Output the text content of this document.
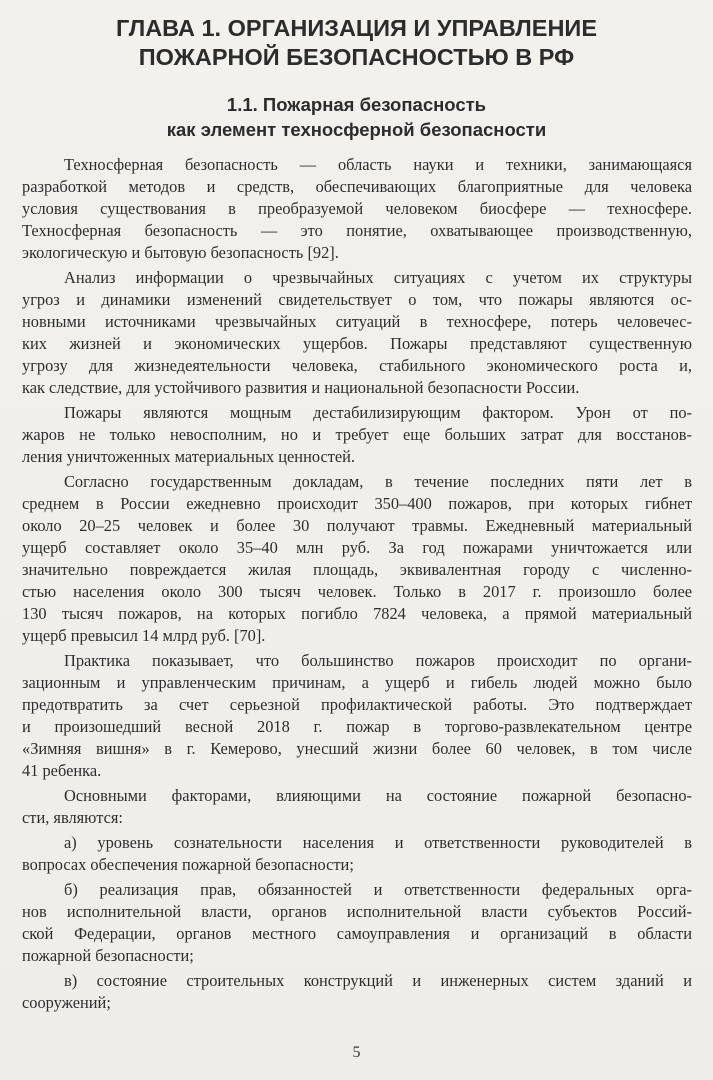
ГЛАВА 1. ОРГАНИЗАЦИЯ И УПРАВЛЕНИЕ
ПОЖАРНОЙ БЕЗОПАСНОСТЬЮ В РФ
1.1. Пожарная безопасность
как элемент техносферной безопасности
Техносферная безопасность — область науки и техники, занимающаяся
разработкой методов и средств, обеспечивающих благоприятные для человека
условия существования в преобразуемой человеком биосфере — техносфере.
Техносферная безопасность — это понятие, охватывающее производственную,
экологическую и бытовую безопасность [92].
Анализ информации о чрезвычайных ситуациях с учетом их структуры
угроз и динамики изменений свидетельствует о том, что пожары являются ос-
новными источниками чрезвычайных ситуаций в техносфере, потерь человечес-
ких жизней и экономических ущербов. Пожары представляют существенную
угрозу для жизнедеятельности человека, стабильного экономического роста и,
как следствие, для устойчивого развития и национальной безопасности России.
Пожары являются мощным дестабилизирующим фактором. Урон от по-
жаров не только невосполним, но и требует еще больших затрат для восстанов-
ления уничтоженных материальных ценностей.
Согласно государственным докладам, в течение последних пяти лет в
среднем в России ежедневно происходит 350–400 пожаров, при которых гибнет
около 20–25 человек и более 30 получают травмы. Ежедневный материальный
ущерб составляет около 35–40 млн руб. За год пожарами уничтожается или
значительно повреждается жилая площадь, эквивалентная городу с численно-
стью населения около 300 тысяч человек. Только в 2017 г. произошло более
130 тысяч пожаров, на которых погибло 7824 человека, а прямой материальный
ущерб превысил 14 млрд руб. [70].
Практика показывает, что большинство пожаров происходит по органи-
зационным и управленческим причинам, а ущерб и гибель людей можно было
предотвратить за счет серьезной профилактической работы. Это подтверждает
и произошедший весной 2018 г. пожар в торгово-развлекательном центре
«Зимняя вишня» в г. Кемерово, унесший жизни более 60 человек, в том числе
41 ребенка.
Основными факторами, влияющими на состояние пожарной безопасно-
сти, являются:
а) уровень сознательности населения и ответственности руководителей в
вопросах обеспечения пожарной безопасности;
б) реализация прав, обязанностей и ответственности федеральных орга-
нов исполнительной власти, органов исполнительной власти субъектов Россий-
ской Федерации, органов местного самоуправления и организаций в области
пожарной безопасности;
в) состояние строительных конструкций и инженерных систем зданий и
сооружений;
5
